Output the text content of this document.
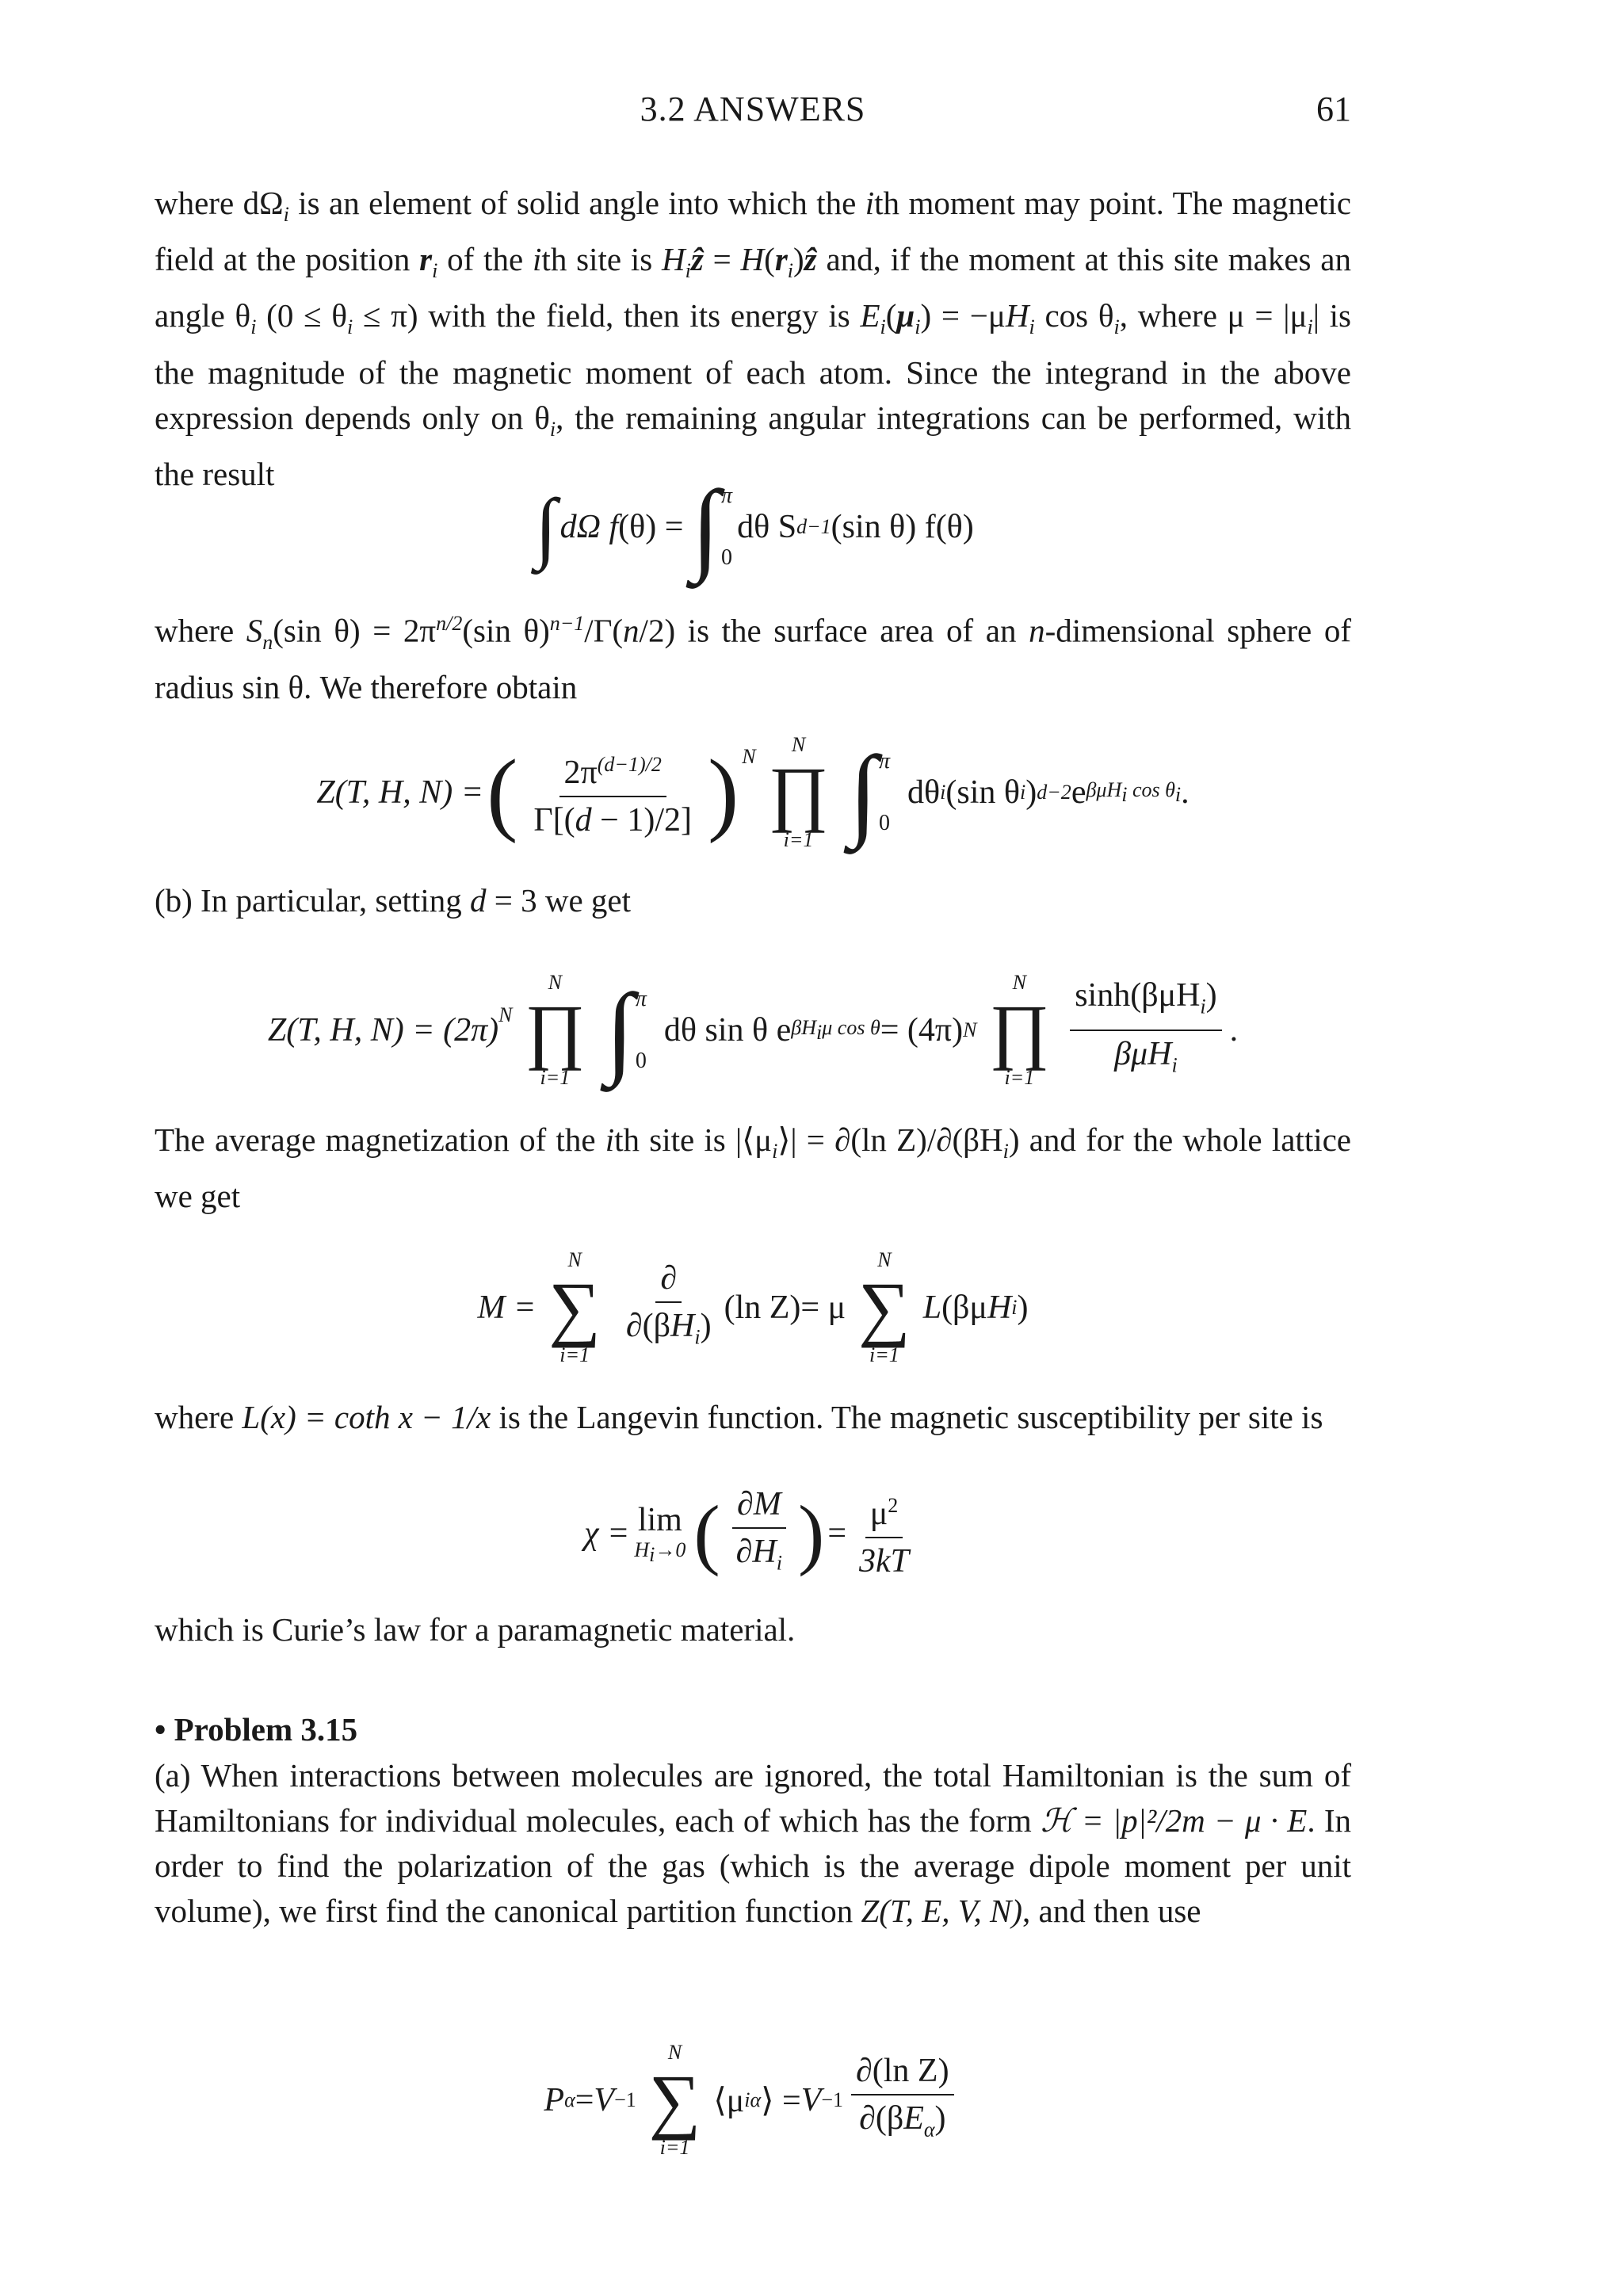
3.2 ANSWERS	61

where $d\Omega_i$ is an element of solid angle into which the ith moment may point. The magnetic field at the position $r_i$ of the ith site is $H_iẑ$ = $H(r_i)ẑ$ and, if the moment at this site makes an angle $\theta_i$ $(0 \le \theta_i \le \pi)$ with the field, then its energy is $E_i(\mu_i) = -\mu H_i$ $\cos \theta_i$, where $\mu = |\mu_i|$ is the magnitude of the magnetic moment of each atom. Since the integrand in the above expression depends only on $\theta_i$, the remaining angular integrations can be performed, with the result

∫ dΩ f (θ) = ∫ π
0
dθ S d−1 (sin θ) f(θ)

where $S_n(\sin$ $\theta) = 2\pi^{n/2}(\sin$ θ)$^{n-1}$/Γ(n/2) is the surface area of an n-dimensional sphere of radius sin θ. We therefore obtain

Z(T, H, N) = ( $\frac{2\pi^{(d-1)/2}}{\Gamma[(d - 1)/2]} )^N$
N
∏
i=1 ∫ π
0
dθ i (sin θ i ) d−2 e βμH$_i$ $\cos \theta_i$ .

(b) In particular, setting d = 3 we get

Z(T, H, $N) = (2\pi)^N$
N
∏
i=1 ∫ π
0
dθ sin θ e $\beta H_i\mu$ cos θ = (4π) N
N
∏
$i=1 \frac{\sinh(\beta\mu H_i)}{\beta\mu H_i}$ .

The average magnetization of the ith site is $|⟨\mu_i⟩| = \partial(\ln$ $Z)/\partial(\beta H_i)$ and for the whole lattice we get

M =
N
∑
$i=1 \frac{\partial}{\partial(\beta H_i)} (\ln$ Z) = μ
N
∑
i=1
L (βμ H i )

where L(x) = coth x − 1/x is the Langevin function. The magnetic susceptibility per site is

χ = lim
$H_i\to 0$ ( $\frac{\partial M}{\partial H_i}$ ) = $\frac{\mu^2}{3kT}$

which is Curie’s law for a paramagnetic material.

• Problem 3.15

(a) When interactions between molecules are ignored, the total Hamiltonian is the sum of Hamiltonians for individual molecules, each of which has the form ℋ = |p|²/2m − μ · E. In order to find the polarization of the gas (which is the average dipole moment per unit volume), we first find the canonical partition function Z(T, E, V, N), and then use

P α = V −1
N
∑
i=1
⟨μ iα ⟩ = $V -1 \frac{\text{∂(ln Z)}}{\partial(\beta E_\alpha)}$
